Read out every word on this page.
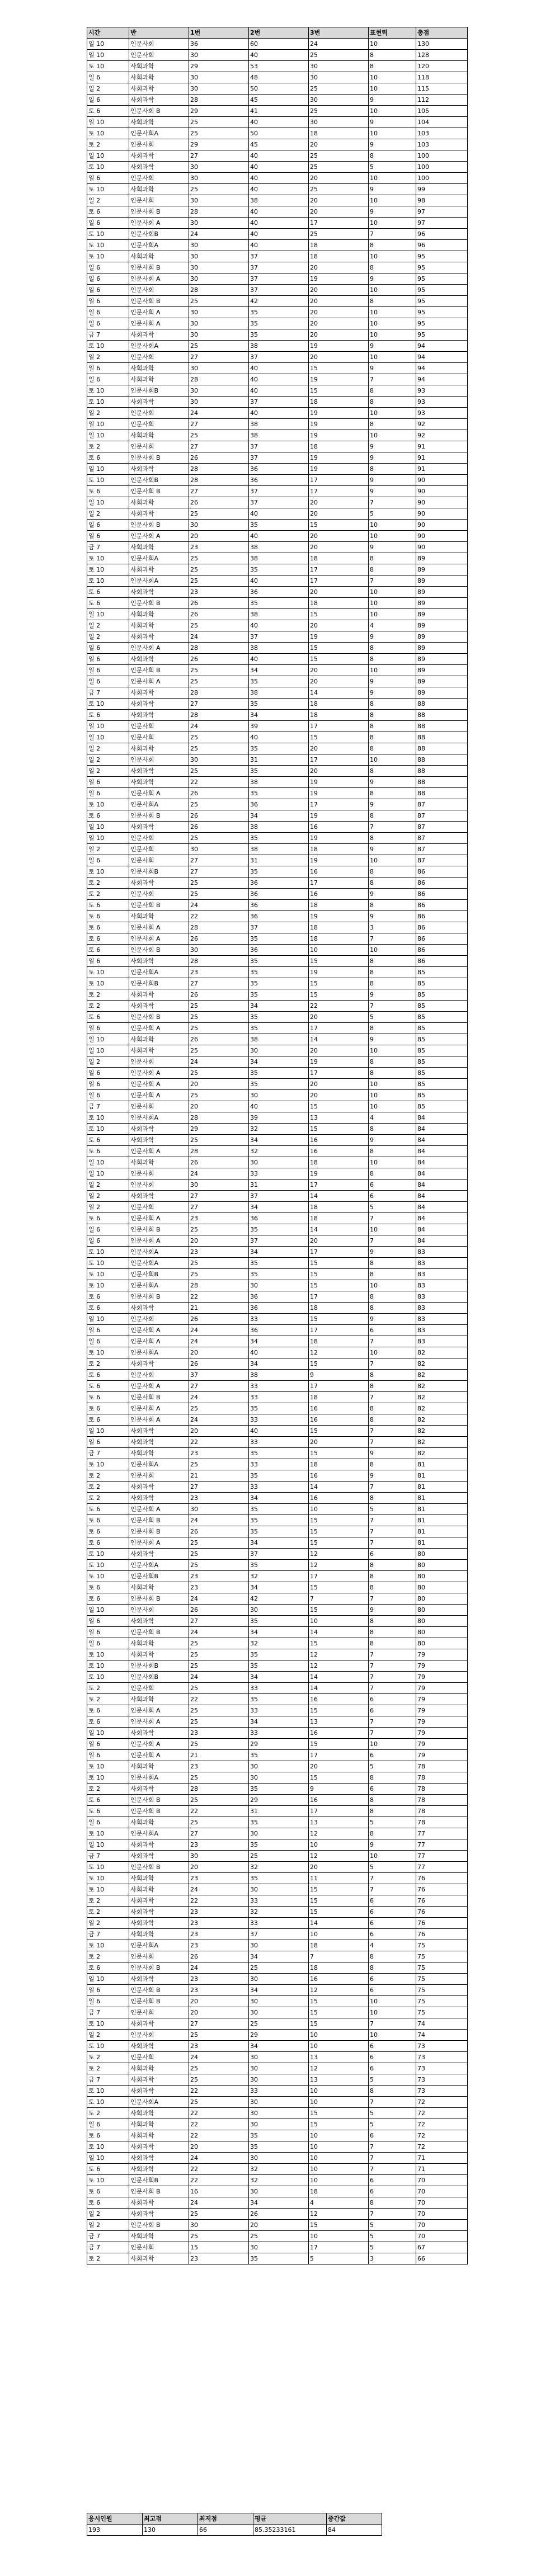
시간	반	1번	2번	3번	표현력	총점
일 10	인문사회	36	60	24	10	130
일 10	인문사회	30	40	25	8	128
토 10	사회과학	29	53	30	8	120
일 6	사회과학	30	48	30	10	118
일 2	사회과학	30	50	25	10	115
일 6	사회과학	28	45	30	9	112
토 6	인문사회 B	29	41	25	10	105
일 10	사회과학	25	40	30	9	104
토 10	인문사회A	25	50	18	10	103
토 2	인문사회	29	45	20	9	103
일 10	사회과학	27	40	25	8	100
토 10	사회과학	30	40	25	5	100
일 6	인문사회	30	40	20	10	100
토 10	사회과학	25	40	25	9	99
일 2	인문사회	30	38	20	10	98
토 6	인문사회 B	28	40	20	9	97
일 6	인문사회 A	30	40	17	10	97
토 10	인문사회B	24	40	25	7	96
토 10	인문사회A	30	40	18	8	96
토 10	사회과학	30	37	18	10	95
일 6	인문사회 B	30	37	20	8	95
일 6	인문사회 A	30	37	19	9	95
일 6	인문사회	28	37	20	10	95
일 6	인문사회 B	25	42	20	8	95
일 6	인문사회 A	30	35	20	10	95
일 6	인문사회 A	30	35	20	10	95
금 7	사회과학	30	35	20	10	95
토 10	인문사회A	25	38	19	9	94
일 2	인문사회	27	37	20	10	94
일 6	사회과학	30	40	15	9	94
일 6	사회과학	28	40	19	7	94
토 10	인문사회B	30	40	15	8	93
토 10	사회과학	30	37	18	8	93
일 2	인문사회	24	40	19	10	93
일 10	인문사회	27	38	19	8	92
일 10	사회과학	25	38	19	10	92
토 2	인문사회	27	37	18	9	91
토 6	인문사회 B	26	37	19	9	91
일 10	사회과학	28	36	19	8	91
토 10	인문사회B	28	36	17	9	90
토 6	인문사회 B	27	37	17	9	90
일 10	사회과학	26	37	20	7	90
일 2	사회과학	25	40	20	5	90
일 6	인문사회 B	30	35	15	10	90
일 6	인문사회 A	20	40	20	10	90
금 7	사회과학	23	38	20	9	90
토 10	인문사회A	25	38	18	8	89
토 10	사회과학	25	35	17	8	89
토 10	인문사회A	25	40	17	7	89
토 6	사회과학	23	36	20	10	89
토 6	인문사회 B	26	35	18	10	89
일 10	사회과학	26	38	15	10	89
일 2	사회과학	25	40	20	4	89
일 2	사회과학	24	37	19	9	89
일 6	인문사회 A	28	38	15	8	89
일 6	사회과학	26	40	15	8	89
일 6	인문사회 B	25	34	20	10	89
일 6	인문사회 A	25	35	20	9	89
금 7	사회과학	28	38	14	9	89
토 10	사회과학	27	35	18	8	88
토 6	사회과학	28	34	18	8	88
일 10	인문사회	24	39	17	8	88
일 10	인문사회	25	40	15	8	88
일 2	사회과학	25	35	20	8	88
일 2	인문사회	30	31	17	10	88
일 2	사회과학	25	35	20	8	88
일 6	사회과학	22	38	19	9	88
일 6	인문사회 A	26	35	19	8	88
토 10	인문사회A	25	36	17	9	87
토 6	인문사회 B	26	34	19	8	87
일 10	사회과학	26	38	16	7	87
일 10	인문사회	25	35	19	8	87
일 2	인문사회	30	38	18	9	87
일 6	인문사회	27	31	19	10	87
토 10	인문사회B	27	35	16	8	86
토 2	사회과학	25	36	17	8	86
토 2	인문사회	25	36	16	9	86
토 6	인문사회 B	24	36	18	8	86
토 6	사회과학	22	36	19	9	86
토 6	인문사회 A	28	37	18	3	86
토 6	인문사회 A	26	35	18	7	86
토 6	인문사회 B	30	36	10	10	86
일 6	사회과학	28	35	15	8	86
토 10	인문사회A	23	35	19	8	85
토 10	인문사회B	27	35	15	8	85
토 2	사회과학	26	35	15	9	85
토 2	사회과학	25	34	22	7	85
토 6	인문사회 B	25	35	20	5	85
일 6	인문사회 A	25	35	17	8	85
일 10	사회과학	26	38	14	9	85
일 10	사회과학	25	30	20	10	85
일 2	인문사회	24	34	19	8	85
일 6	인문사회 A	25	35	17	8	85
일 6	인문사회 A	20	35	20	10	85
일 6	인문사회 A	25	30	20	10	85
금 7	인문사회	20	40	15	10	85
토 10	인문사회A	28	39	13	4	84
토 10	사회과학	29	32	15	8	84
토 6	사회과학	25	34	16	9	84
토 6	인문사회 A	28	32	16	8	84
일 10	사회과학	26	30	18	10	84
일 10	인문사회	24	33	19	8	84
일 2	인문사회	30	31	17	6	84
일 2	사회과학	27	37	14	6	84
일 2	인문사회	27	34	18	5	84
토 6	인문사회 A	23	36	18	7	84
일 6	인문사회 B	25	35	14	10	84
일 6	인문사회 A	20	37	20	7	84
토 10	인문사회A	23	34	17	9	83
토 10	인문사회A	25	35	15	8	83
토 10	인문사회B	25	35	15	8	83
토 10	인문사회A	28	30	15	10	83
토 6	인문사회 B	22	36	17	8	83
토 6	사회과학	21	36	18	8	83
일 10	인문사회	26	33	15	9	83
일 6	인문사회 A	24	36	17	6	83
일 6	인문사회 A	24	34	18	7	83
토 10	인문사회A	20	40	12	10	82
토 2	사회과학	26	34	15	7	82
토 6	인문사회	37	38	9	8	82
토 6	인문사회 A	27	33	17	8	82
토 6	인문사회 B	24	33	18	7	82
토 6	인문사회 A	25	35	16	8	82
토 6	인문사회 A	24	33	16	8	82
일 10	사회과학	20	40	15	7	82
일 6	사회과학	22	33	20	7	82
금 7	사회과학	23	35	15	9	82
토 10	인문사회A	25	33	18	8	81
토 2	인문사회	21	35	16	9	81
토 2	사회과학	27	33	14	7	81
토 2	사회과학	23	34	16	8	81
토 6	인문사회 A	30	35	10	5	81
토 6	인문사회 B	24	35	15	7	81
토 6	인문사회 B	26	35	15	7	81
토 6	인문사회 A	25	34	15	7	81
토 10	사회과학	25	37	12	6	80
토 10	인문사회A	25	35	12	8	80
토 10	인문사회B	23	32	17	8	80
토 6	사회과학	23	34	15	8	80
토 6	인문사회 B	24	42	7	7	80
일 10	인문사회	26	30	15	9	80
일 6	사회과학	27	35	10	8	80
일 6	인문사회 B	24	34	14	8	80
일 6	사회과학	25	32	15	8	80
토 10	사회과학	25	35	12	7	79
토 10	인문사회B	25	35	12	7	79
토 10	인문사회B	24	34	14	7	79
토 2	인문사회	25	33	14	7	79
토 2	사회과학	22	35	16	6	79
토 6	인문사회 A	25	33	15	6	79
토 6	인문사회 A	25	34	13	7	79
일 10	사회과학	23	33	16	7	79
일 6	인문사회 A	25	29	15	10	79
일 6	인문사회 A	21	35	17	6	79
토 10	사회과학	23	30	20	5	78
토 10	인문사회A	25	30	15	8	78
토 2	사회과학	28	35	9	6	78
토 6	인문사회 B	25	29	16	8	78
토 6	인문사회 B	22	31	17	8	78
일 6	사회과학	25	35	13	5	78
토 10	인문사회A	27	30	12	8	77
일 10	사회과학	23	35	10	9	77
금 7	사회과학	30	25	12	10	77
토 10	인문사회 B	20	32	20	5	77
토 10	사회과학	23	35	11	7	76
토 10	사회과학	24	30	15	7	76
토 2	사회과학	22	33	15	6	76
토 2	사회과학	23	32	15	6	76
일 2	사회과학	23	33	14	6	76
금 7	사회과학	23	37	10	6	76
토 10	인문사회A	23	30	18	4	75
토 2	인문사회	26	34	7	8	75
토 6	인문사회 B	24	25	18	8	75
일 10	사회과학	23	30	16	6	75
일 6	인문사회 B	23	34	12	6	75
일 6	인문사회 B	20	30	15	10	75
금 7	인문사회	20	30	15	10	75
토 10	사회과학	27	25	15	7	74
일 2	인문사회	25	29	10	10	74
토 10	사회과학	23	34	10	6	73
토 2	인문사회	24	30	13	6	73
토 2	사회과학	25	30	12	6	73
금 7	사회과학	25	30	13	5	73
토 10	사회과학	22	33	10	8	73
토 10	인문사회A	25	30	10	7	72
토 2	사회과학	22	30	15	5	72
일 6	사회과학	22	30	15	5	72
토 6	사회과학	22	35	10	6	72
토 10	사회과학	20	35	10	7	72
일 10	사회과학	24	30	10	7	71
토 6	사회과학	22	32	10	7	71
토 10	인문사회B	22	32	10	6	70
토 6	인문사회 B	16	30	18	6	70
토 6	사회과학	24	34	4	8	70
일 2	사회과학	25	26	12	7	70
일 2	인문사회 B	30	20	15	5	70
금 7	사회과학	25	25	10	5	70
금 7	인문사회	15	30	17	5	67
토 2	사회과학	23	35	5	3	66
응시인원	최고점	최저점	평균	중간값	
193	130	66	85.35233161	84	
